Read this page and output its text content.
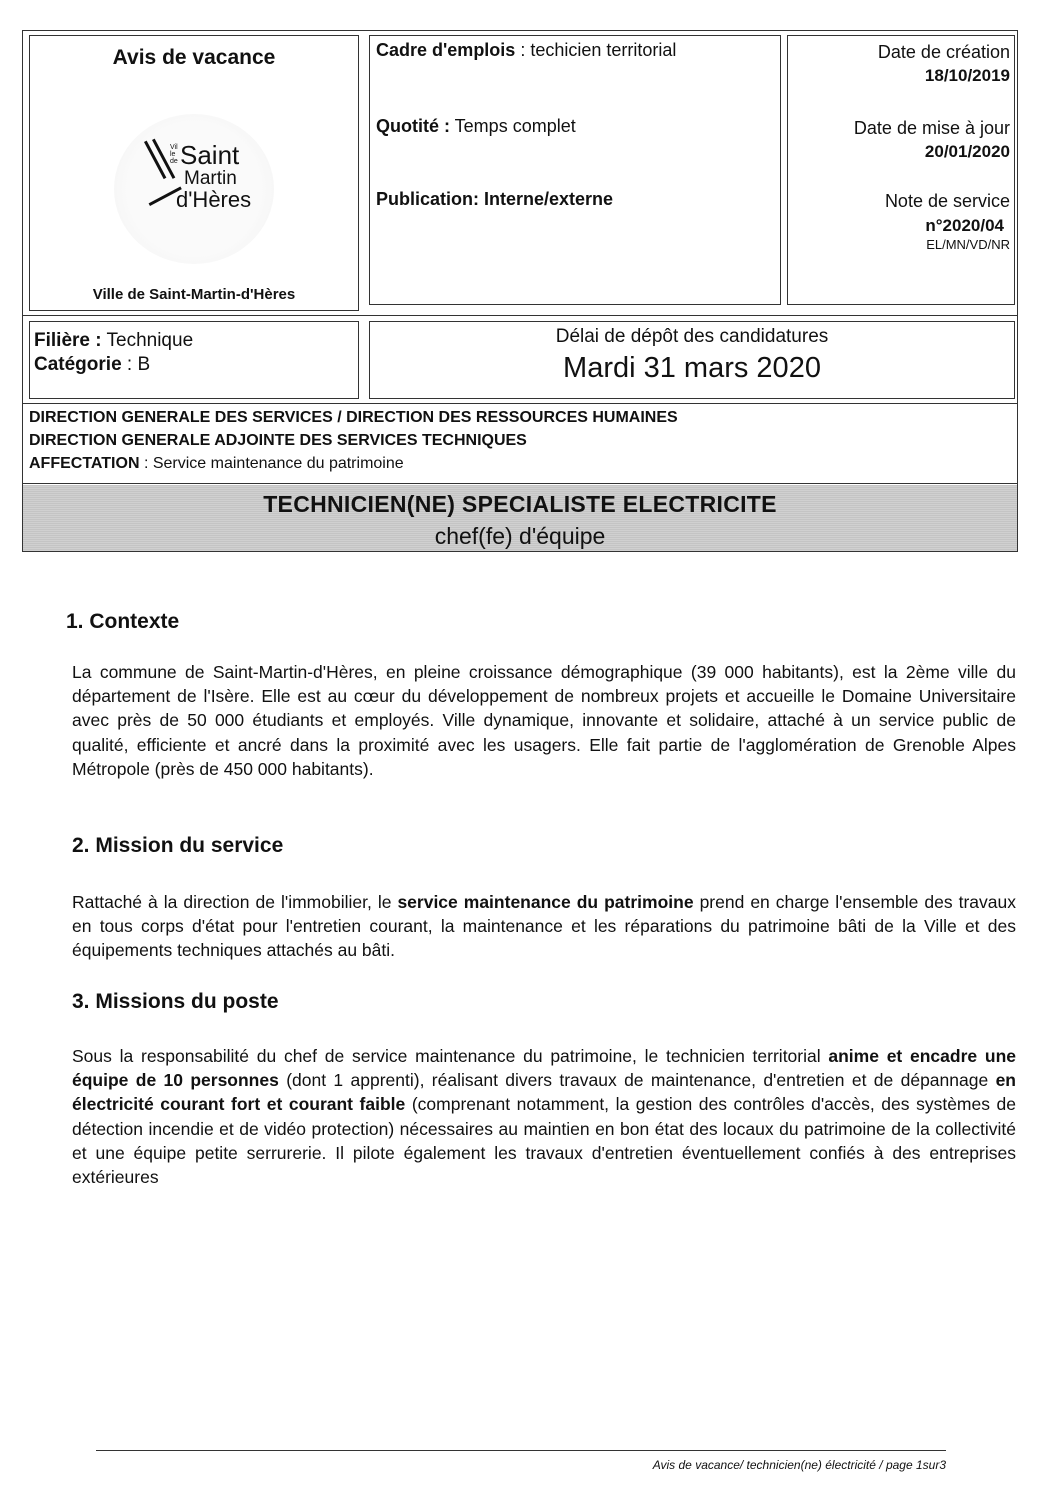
Avis de vacance
Ville de Saint
Martin
d'Hères
Ville de Saint-Martin-d'Hères
Cadre d'emplois : techicien territorial
Quotité : Temps complet
Publication: Interne/externe
Date de création
18/10/2019
Date de mise à jour
20/01/2020
Note de service
n°2020/04
EL/MN/VD/NR
Filière : Technique
Catégorie : B
Délai de dépôt des candidatures
Mardi 31 mars 2020
DIRECTION GENERALE DES SERVICES / DIRECTION DES RESSOURCES HUMAINES
DIRECTION GENERALE ADJOINTE DES SERVICES TECHNIQUES
AFFECTATION : Service maintenance du patrimoine
TECHNICIEN(NE) SPECIALISTE ELECTRICITE
chef(fe) d'équipe
1. Contexte

La commune de Saint-Martin-d'Hères, en pleine croissance démographique (39 000 habitants), est la 2ème ville du département de l'Isère. Elle est au cœur du développement de nombreux projets et accueille le Domaine Universitaire avec près de 50 000 étudiants et employés. Ville dynamique, innovante et solidaire, attaché à un service public de qualité, efficiente et ancré dans la proximité avec les usagers. Elle fait partie de l'agglomération de Grenoble Alpes Métropole (près de 450 000 habitants).

2. Mission du service

Rattaché à la direction de l'immobilier, le service maintenance du patrimoine prend en charge l'ensemble des travaux en tous corps d'état pour l'entretien courant, la maintenance et les réparations du patrimoine bâti de la Ville et des équipements techniques attachés au bâti.

3. Missions du poste

Sous la responsabilité du chef de service maintenance du patrimoine, le technicien territorial anime et encadre une équipe de 10 personnes (dont 1 apprenti), réalisant divers travaux de maintenance, d'entretien et de dépannage en électricité courant fort et courant faible (comprenant notamment, la gestion des contrôles d'accès, des systèmes de détection incendie et de vidéo protection) nécessaires au maintien en bon état des locaux du patrimoine de la collectivité et une équipe petite serrurerie. Il pilote également les travaux d'entretien éventuellement confiés à des entreprises extérieures

Avis de vacance/ technicien(ne) électricité / page 1sur3
